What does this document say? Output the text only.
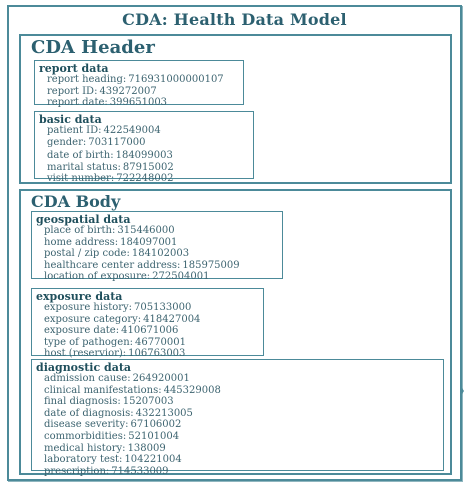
CDA: Health Data Model
CDA Header
report data
report heading: 716931000000107
report ID: 439272007
report date: 399651003
basic data
patient ID: 422549004
gender: 703117000
date of birth: 184099003
marital status: 87915002
visit number: 722248002
CDA Body
geospatial data
place of birth: 315446000
home address: 184097001
postal / zip code: 184102003
healthcare center address: 185975009
location of exposure: 272504001
exposure data
exposure history: 705133000
exposure category: 418427004
exposure date: 410671006
type of pathogen: 46770001
host (reservior): 106763003
diagnostic data
admission cause: 264920001
clinical manifestations: 445329008
final diagnosis: 15207003
date of diagnosis: 432213005
disease severity: 67106002
commorbidities: 52101004
medical history: 138009
laboratory test: 104221004
prescription: 714533009
